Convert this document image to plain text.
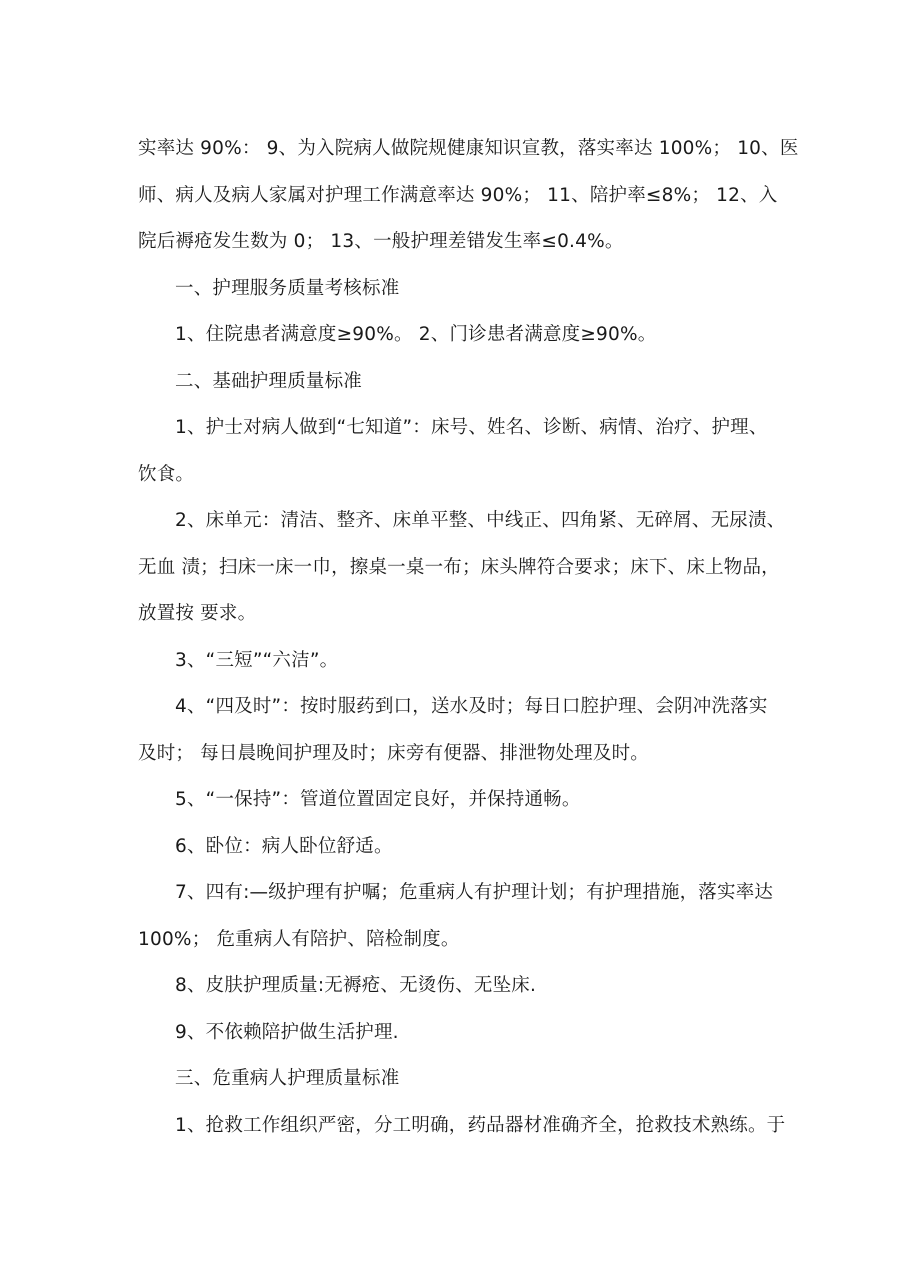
实率达 90%： 9、为入院病人做院规健康知识宣教，落实率达 100%； 10、医
师、病人及病人家属对护理工作满意率达 90%； 11、陪护率≤8%； 12、入
院后褥疮发生数为 0； 13、一般护理差错发生率≤0.4%。
一、护理服务质量考核标准
1、住院患者满意度≥90%。 2、门诊患者满意度≥90%。
二、基础护理质量标准
1、护士对病人做到“七知道”：床号、姓名、诊断、病情、治疗、护理、
饮食。
2、床单元：清洁、整齐、床单平整、中线正、四角紧、无碎屑、无尿渍、
无血 渍；扫床一床一巾，擦桌一桌一布；床头牌符合要求；床下、床上物品，
放置按 要求。
3、“三短”“六洁”。
4、“四及时”：按时服药到口，送水及时；每日口腔护理、会阴冲洗落实
及时； 每日晨晚间护理及时；床旁有便器、排泄物处理及时。
5、“一保持”：管道位置固定良好，并保持通畅。
6、卧位：病人卧位舒适。
7、四有:—级护理有护嘱；危重病人有护理计划；有护理措施，落实率达
100%； 危重病人有陪护、陪检制度。
8、皮肤护理质量:无褥疮、无烫伤、无坠床.
9、不依赖陪护做生活护理.
三、危重病人护理质量标准
1、抢救工作组织严密，分工明确，药品器材准确齐全，抢救技术熟练。于
